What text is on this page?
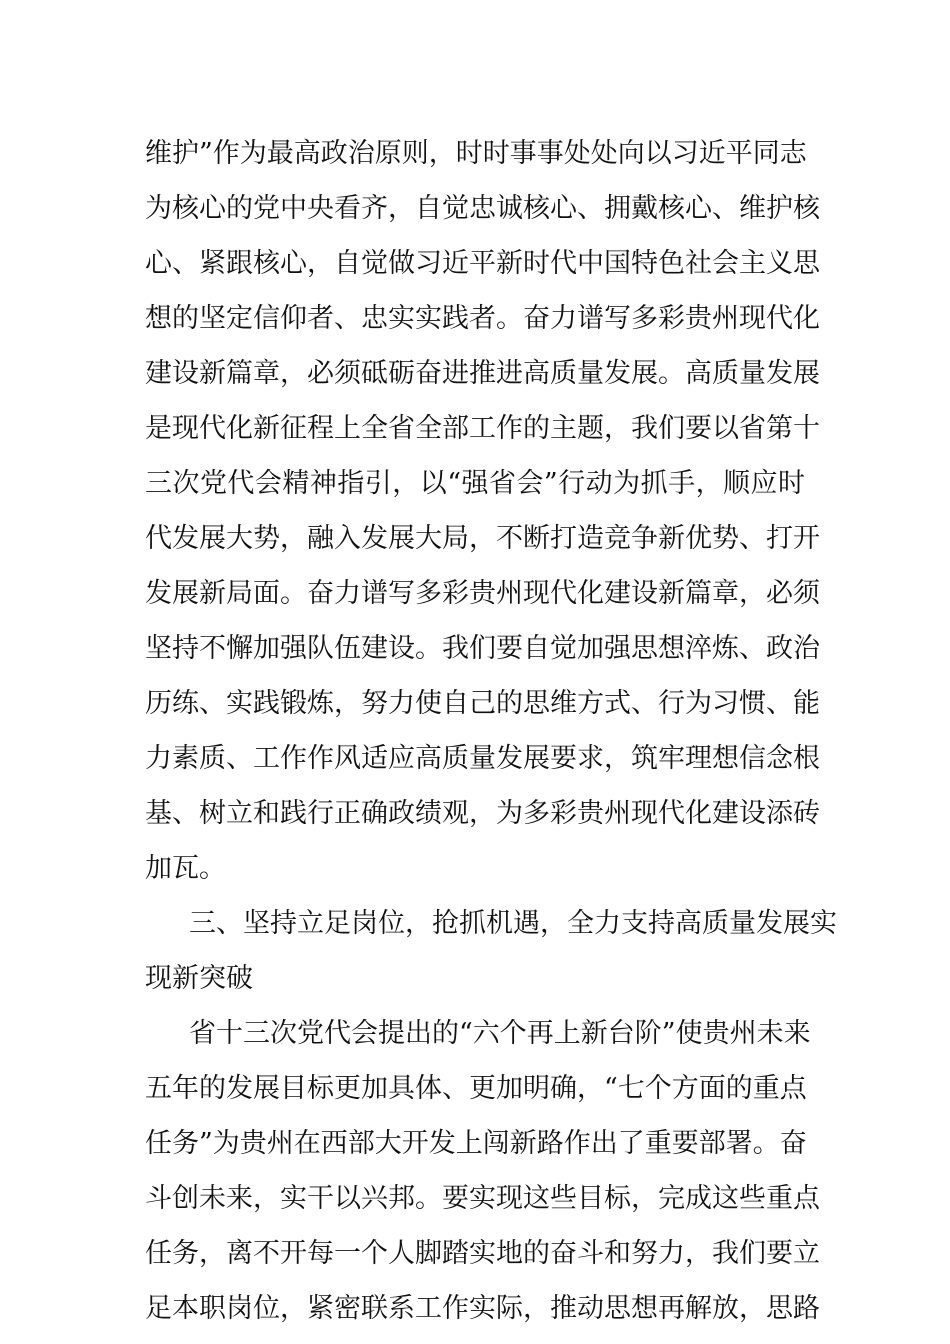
维护”作为最高政治原则，时时事事处处向以习近平同志
为核心的党中央看齐，自觉忠诚核心、拥戴核心、维护核
心、紧跟核心，自觉做习近平新时代中国特色社会主义思
想的坚定信仰者、忠实实践者。奋力谱写多彩贵州现代化
建设新篇章，必须砥砺奋进推进高质量发展。高质量发展
是现代化新征程上全省全部工作的主题，我们要以省第十
三次党代会精神指引，以“强省会”行动为抓手，顺应时
代发展大势，融入发展大局，不断打造竞争新优势、打开
发展新局面。奋力谱写多彩贵州现代化建设新篇章，必须
坚持不懈加强队伍建设。我们要自觉加强思想淬炼、政治
历练、实践锻炼，努力使自己的思维方式、行为习惯、能
力素质、工作作风适应高质量发展要求，筑牢理想信念根
基、树立和践行正确政绩观，为多彩贵州现代化建设添砖
加瓦。
三、坚持立足岗位，抢抓机遇，全力支持高质量发展实
现新突破
省十三次党代会提出的“六个再上新台阶”使贵州未来
五年的发展目标更加具体、更加明确，“七个方面的重点
任务”为贵州在西部大开发上闯新路作出了重要部署。奋
斗创未来，实干以兴邦。要实现这些目标，完成这些重点
任务，离不开每一个人脚踏实地的奋斗和努力，我们要立
足本职岗位，紧密联系工作实际，推动思想再解放，思路
